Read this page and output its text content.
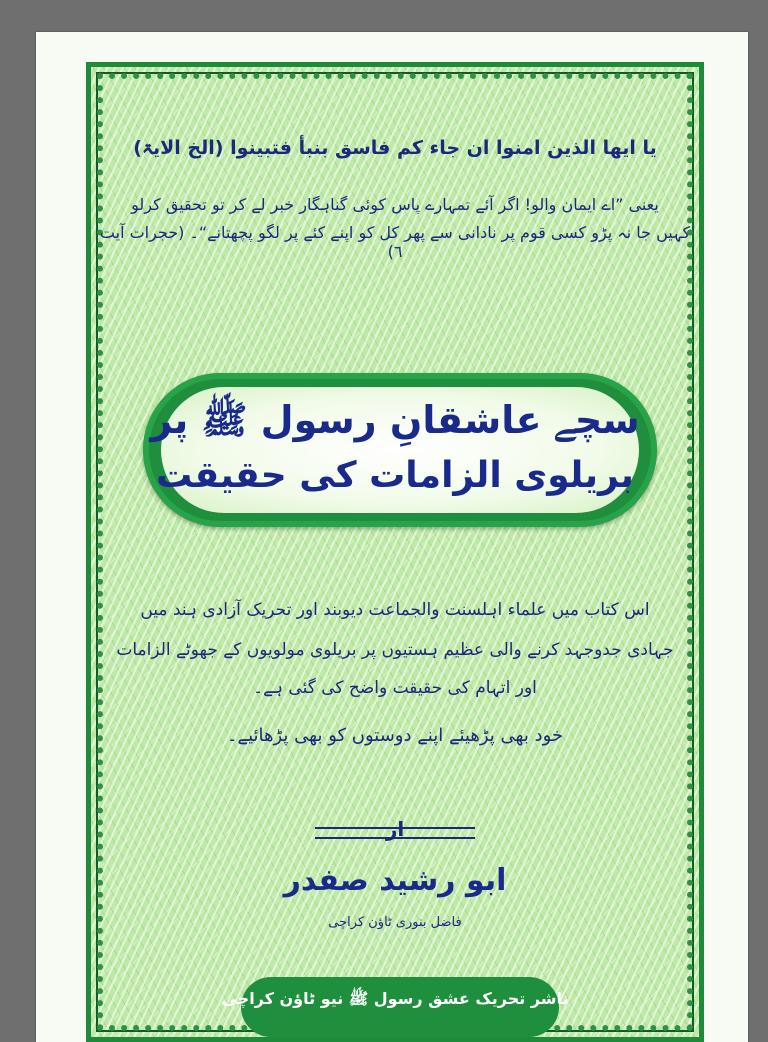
یا ایھا الذین امنوا ان جاء کم فاسق بنبأ فتبینوا (الخ الایۃ)
یعنی ”اے ایمان والو! اگر آئے تمہارے پاس کوئی گناہگار خبر لے کر تو تحقیق کرلو
کہیں جا نہ پڑو کسی قوم پر نادانی سے پھر کل کو اپنے کئے پر لگو پچھتانے“۔ (حجرات آیت ٦)
سچے عاشقانِ رسول ﷺ پر
بریلوی الزامات کی حقیقت
اس کتاب میں علماء اہلسنت والجماعت دیوبند اور تحریک آزادی ہند میں
جہادی جدوجہد کرنے والی عظیم ہستیوں پر بریلوی مولویوں کے جھوٹے الزامات
اور اتہام کی حقیقت واضح کی گئی ہے۔
خود بھی پڑھیئے اپنے دوستوں کو بھی پڑھائیے۔
از
ابو رشید صفدر
فاضل بنوری ٹاؤن کراچی
ناشر تحریک عشق رسول ﷺ نیو ٹاؤن کراچی
